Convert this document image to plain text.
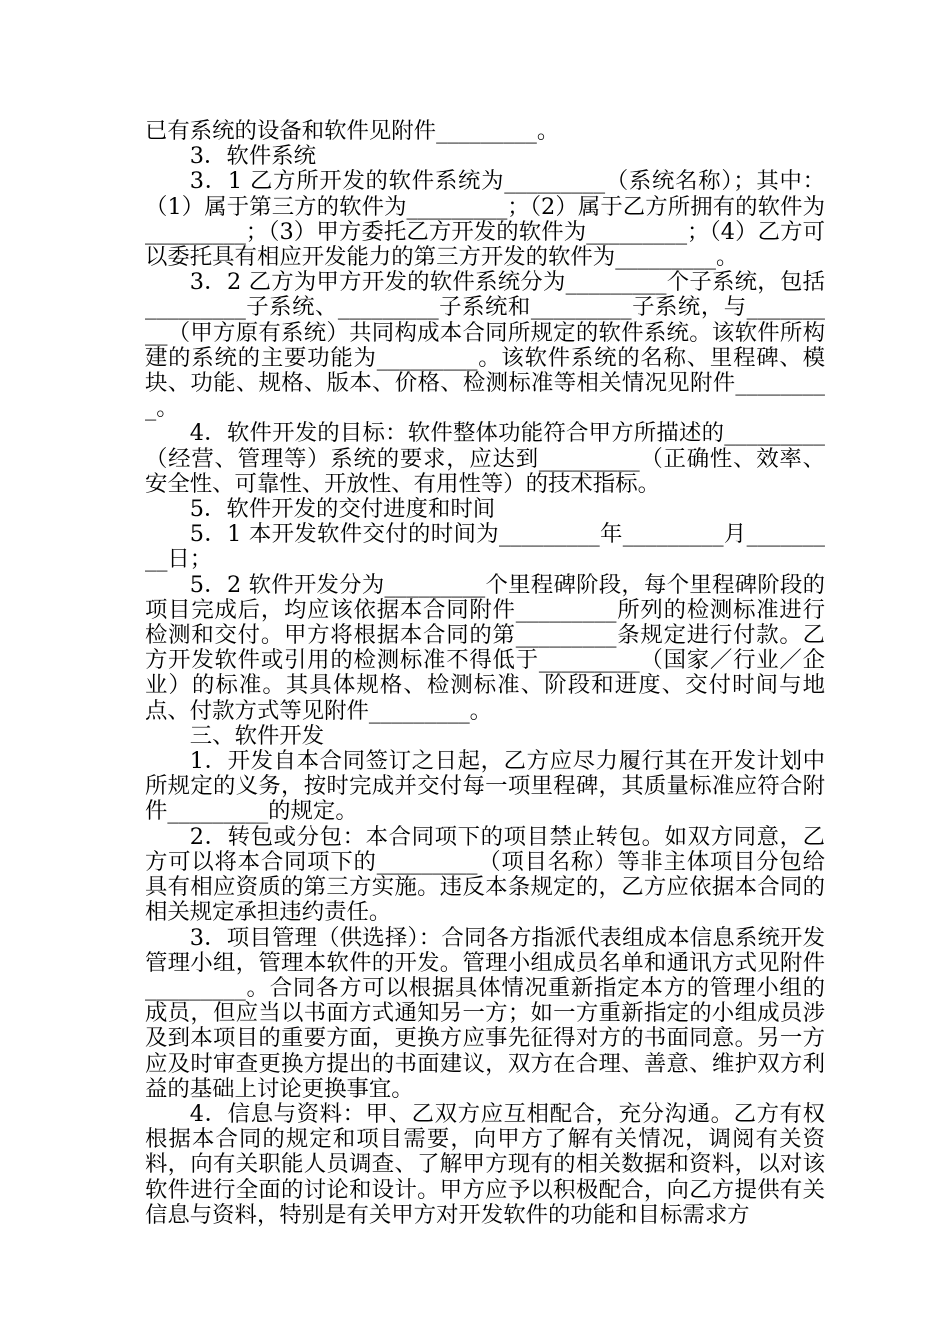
已有系统的设备和软件见附件_________。

3．软件系统

3．1 乙方所开发的软件系统为_________（系统名称）；其中：（1）属于第三方的软件为_________；（2）属于乙方所拥有的软件为_________；（3）甲方委托乙方开发的软件为_________；（4）乙方可以委托具有相应开发能力的第三方开发的软件为_________。

3．2 乙方为甲方开发的软件系统分为_________个子系统，包括_________子系统、_________子系统和_________子系统，与_________（甲方原有系统）共同构成本合同所规定的软件系统。该软件所构建的系统的主要功能为_________。该软件系统的名称、里程碑、模块、功能、规格、版本、价格、检测标准等相关情况见附件_________。

4．软件开发的目标：软件整体功能符合甲方所描述的_________（经营、管理等）系统的要求，应达到_________（正确性、效率、安全性、可靠性、开放性、有用性等）的技术指标。

5．软件开发的交付进度和时间

5．1 本开发软件交付的时间为_________年_________月_________日；

5．2 软件开发分为_________个里程碑阶段，每个里程碑阶段的项目完成后，均应该依据本合同附件_________所列的检测标准进行检测和交付。甲方将根据本合同的第_________条规定进行付款。乙方开发软件或引用的检测标准不得低于_________（国家／行业／企业）的标准。其具体规格、检测标准、阶段和进度、交付时间与地点、付款方式等见附件_________。

三、软件开发

1．开发自本合同签订之日起，乙方应尽力履行其在开发计划中所规定的义务，按时完成并交付每一项里程碑，其质量标准应符合附件_________的规定。

2．转包或分包：本合同项下的项目禁止转包。如双方同意，乙方可以将本合同项下的_________（项目名称）等非主体项目分包给具有相应资质的第三方实施。违反本条规定的，乙方应依据本合同的相关规定承担违约责任。

3．项目管理（供选择）：合同各方指派代表组成本信息系统开发管理小组，管理本软件的开发。管理小组成员名单和通讯方式见附件_________。合同各方可以根据具体情况重新指定本方的管理小组的成员，但应当以书面方式通知另一方；如一方重新指定的小组成员涉及到本项目的重要方面，更换方应事先征得对方的书面同意。另一方应及时审查更换方提出的书面建议，双方在合理、善意、维护双方利益的基础上讨论更换事宜。

4．信息与资料：甲、乙双方应互相配合，充分沟通。乙方有权根据本合同的规定和项目需要，向甲方了解有关情况，调阅有关资料，向有关职能人员调查、了解甲方现有的相关数据和资料，以对该软件进行全面的讨论和设计。甲方应予以积极配合，向乙方提供有关信息与资料，特别是有关甲方对开发软件的功能和目标需求方
